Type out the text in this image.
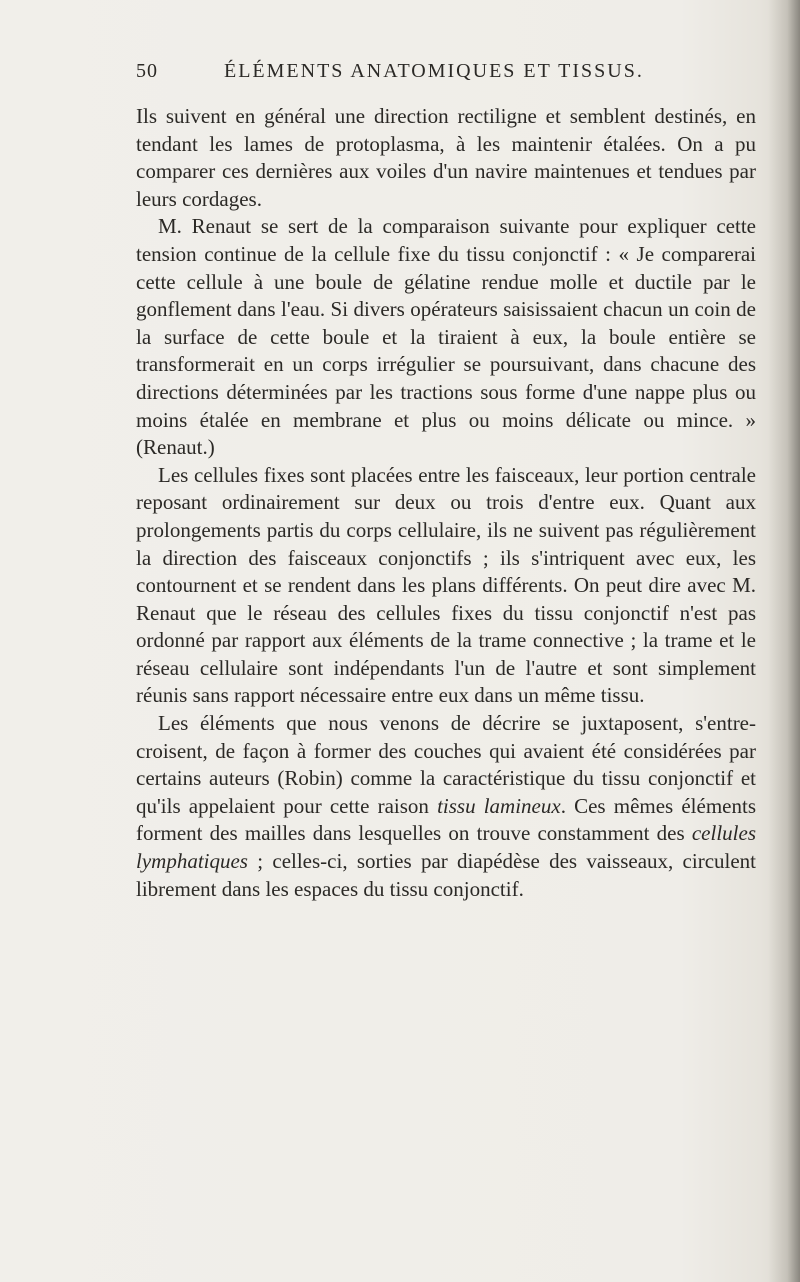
50	ÉLÉMENTS ANATOMIQUES ET TISSUS.

Ils suivent en général une direction rectiligne et semblent destinés, en tendant les lames de protoplasma, à les maintenir étalées. On a pu comparer ces dernières aux voiles d'un navire maintenues et tendues par leurs cordages.

M. Renaut se sert de la comparaison suivante pour expliquer cette tension continue de la cellule fixe du tissu conjonctif : « Je comparerai cette cellule à une boule de gélatine rendue molle et ductile par le gonflement dans l'eau. Si divers opérateurs saisissaient chacun un coin de la surface de cette boule et la tiraient à eux, la boule entière se transformerait en un corps irrégulier se poursuivant, dans chacune des directions déterminées par les tractions sous forme d'une nappe plus ou moins étalée en membrane et plus ou moins délicate ou mince. » (Renaut.)

Les cellules fixes sont placées entre les faisceaux, leur portion centrale reposant ordinairement sur deux ou trois d'entre eux. Quant aux prolongements partis du corps cellulaire, ils ne suivent pas régulièrement la direction des faisceaux conjonctifs ; ils s'intriquent avec eux, les contournent et se rendent dans les plans différents. On peut dire avec M. Renaut que le réseau des cellules fixes du tissu conjonctif n'est pas ordonné par rapport aux éléments de la trame connective ; la trame et le réseau cellulaire sont indépendants l'un de l'autre et sont simplement réunis sans rapport nécessaire entre eux dans un même tissu.

Les éléments que nous venons de décrire se juxtaposent, s'entre-croisent, de façon à former des couches qui avaient été considérées par certains auteurs (Robin) comme la caractéristique du tissu conjonctif et qu'ils appelaient pour cette raison tissu lamineux. Ces mêmes éléments forment des mailles dans lesquelles on trouve constamment des cellules lymphatiques ; celles-ci, sorties par diapédèse des vaisseaux, circulent librement dans les espaces du tissu conjonctif.
